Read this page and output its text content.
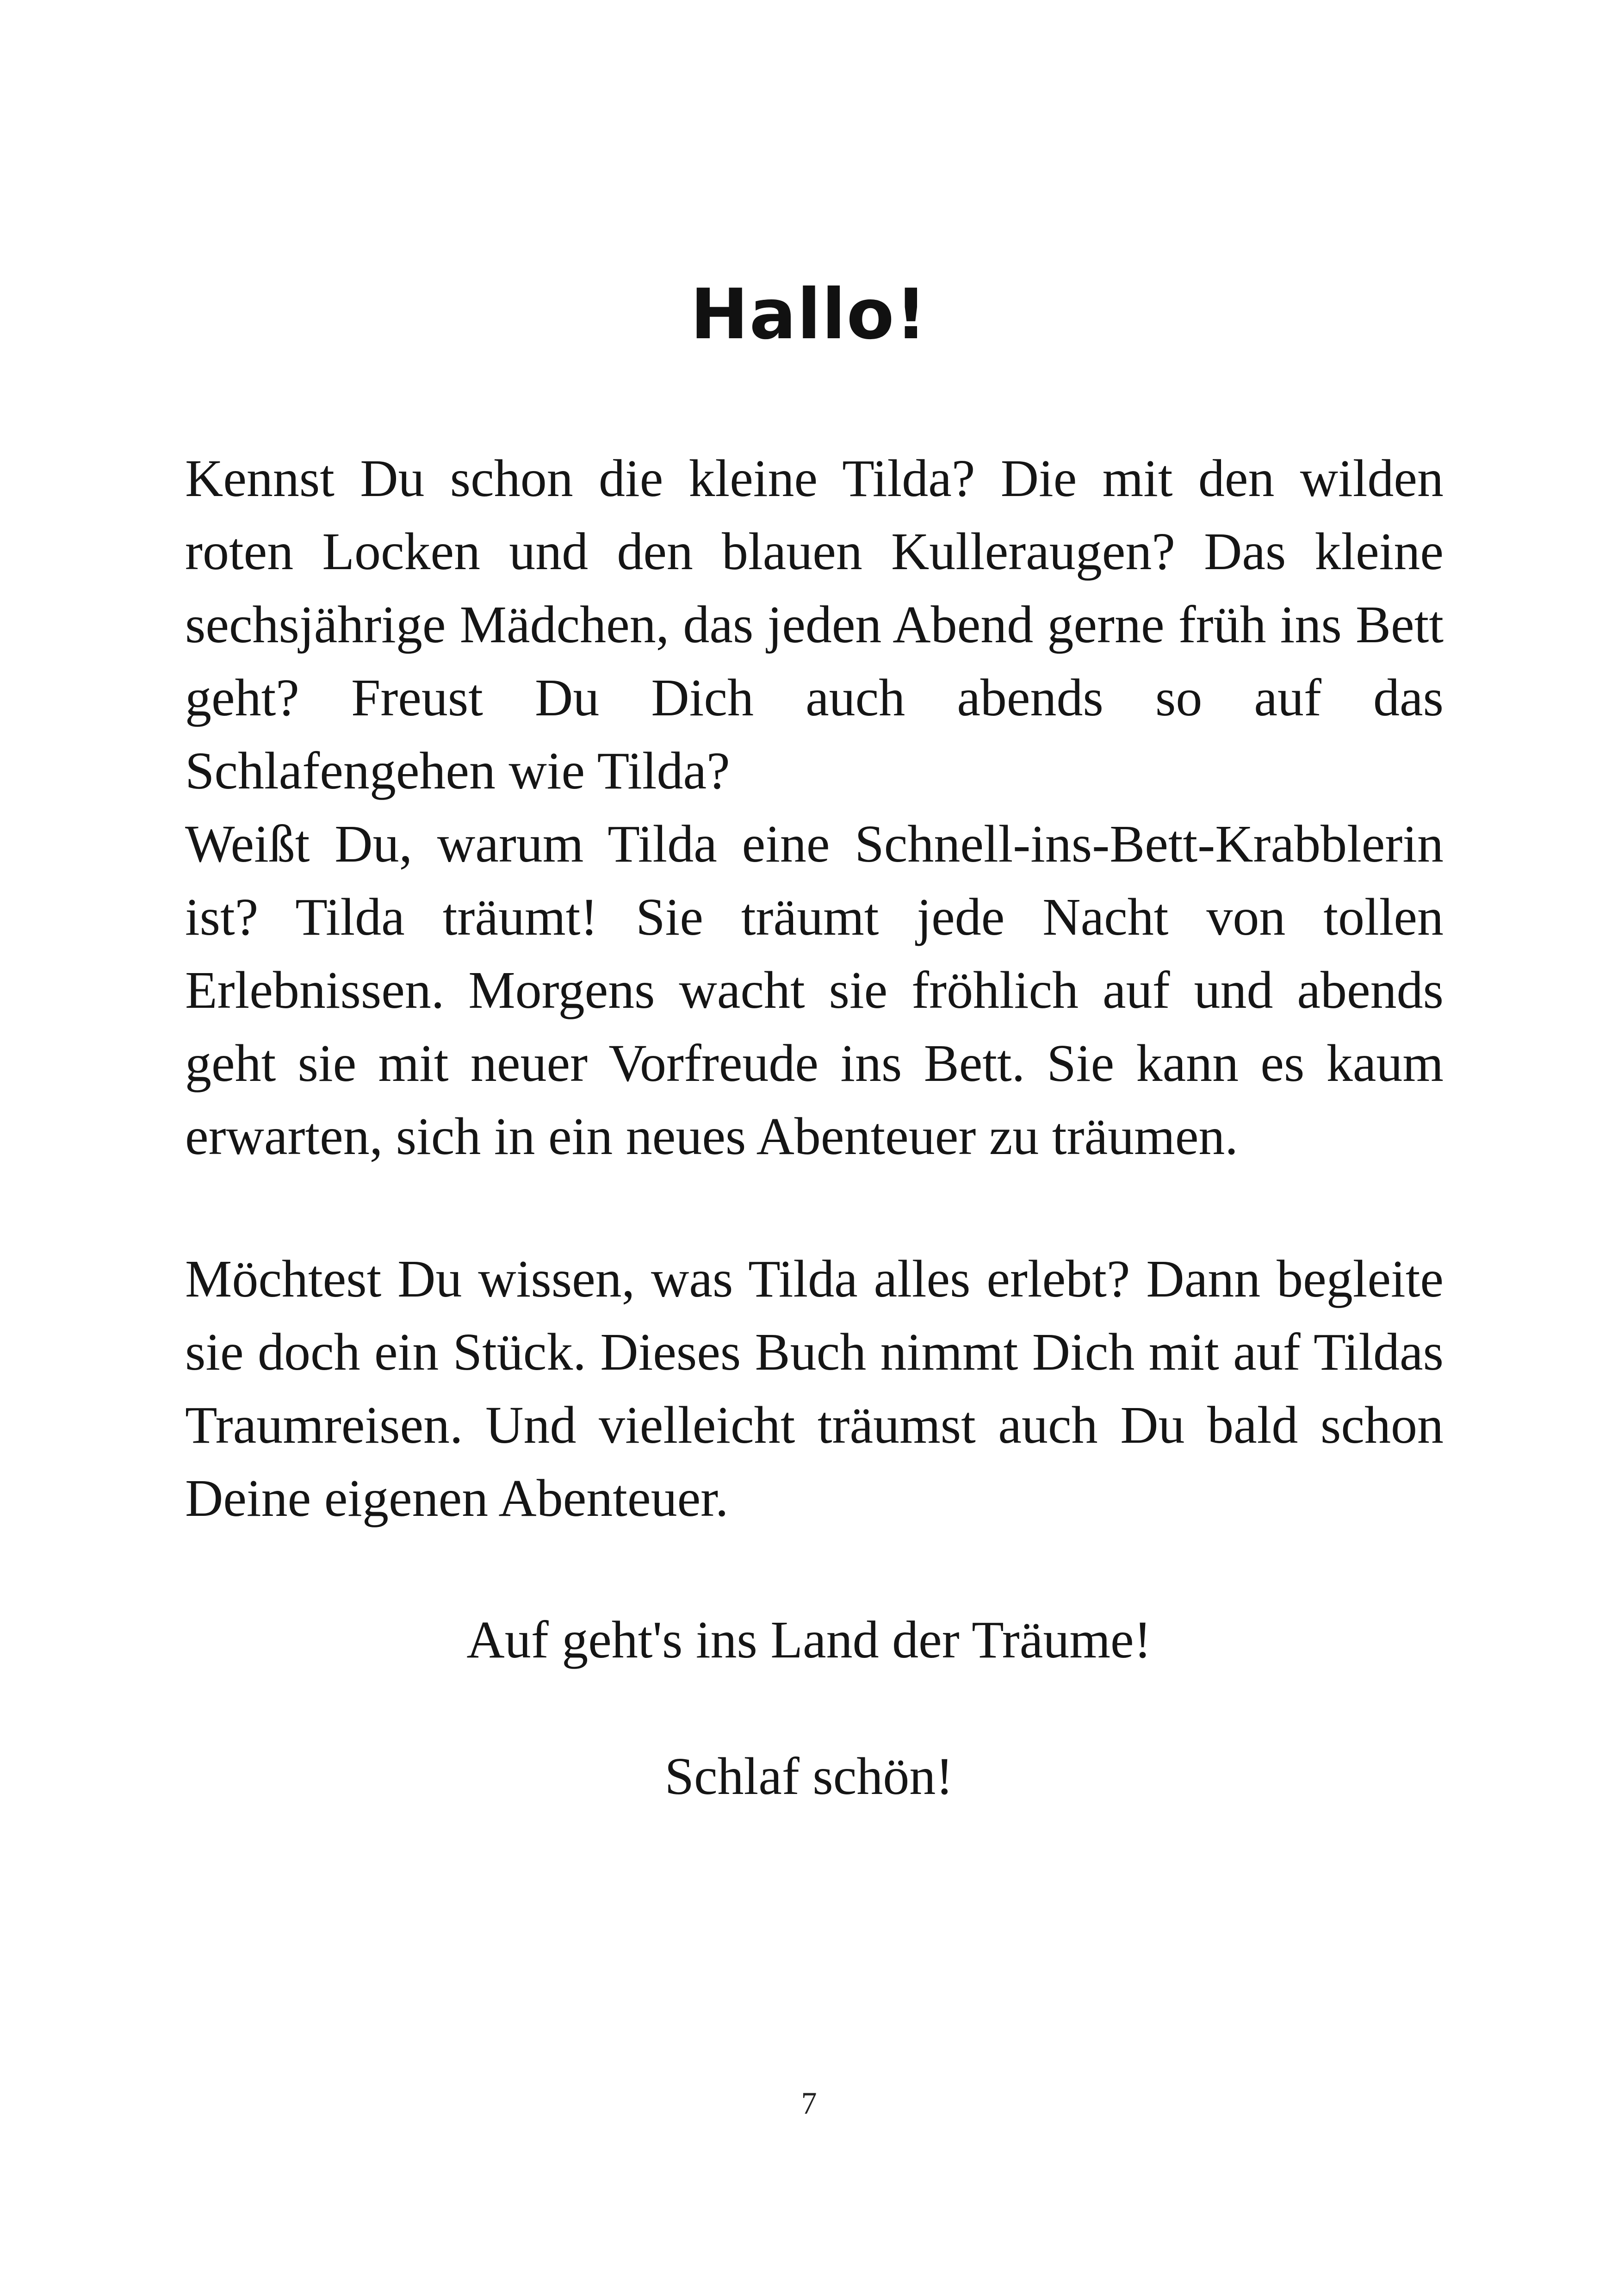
Hallo!

Kennst Du schon die kleine Tilda? Die mit den wilden roten Locken und den blauen Kulleraugen? Das kleine sechsjährige Mädchen, das jeden Abend gerne früh ins Bett geht? Freust Du Dich auch abends so auf das Schlafengehen wie Tilda?

Weißt Du, warum Tilda eine Schnell-ins-Bett-Krabblerin ist? Tilda träumt! Sie träumt jede Nacht von tollen Erlebnissen. Morgens wacht sie fröhlich auf und abends geht sie mit neuer Vorfreude ins Bett. Sie kann es kaum erwarten, sich in ein neues Abenteuer zu träumen.

Möchtest Du wissen, was Tilda alles erlebt? Dann begleite sie doch ein Stück. Dieses Buch nimmt Dich mit auf Tildas Traumreisen. Und vielleicht träumst auch Du bald schon Deine eigenen Abenteuer.

Auf geht's ins Land der Träume!

Schlaf schön!

7
